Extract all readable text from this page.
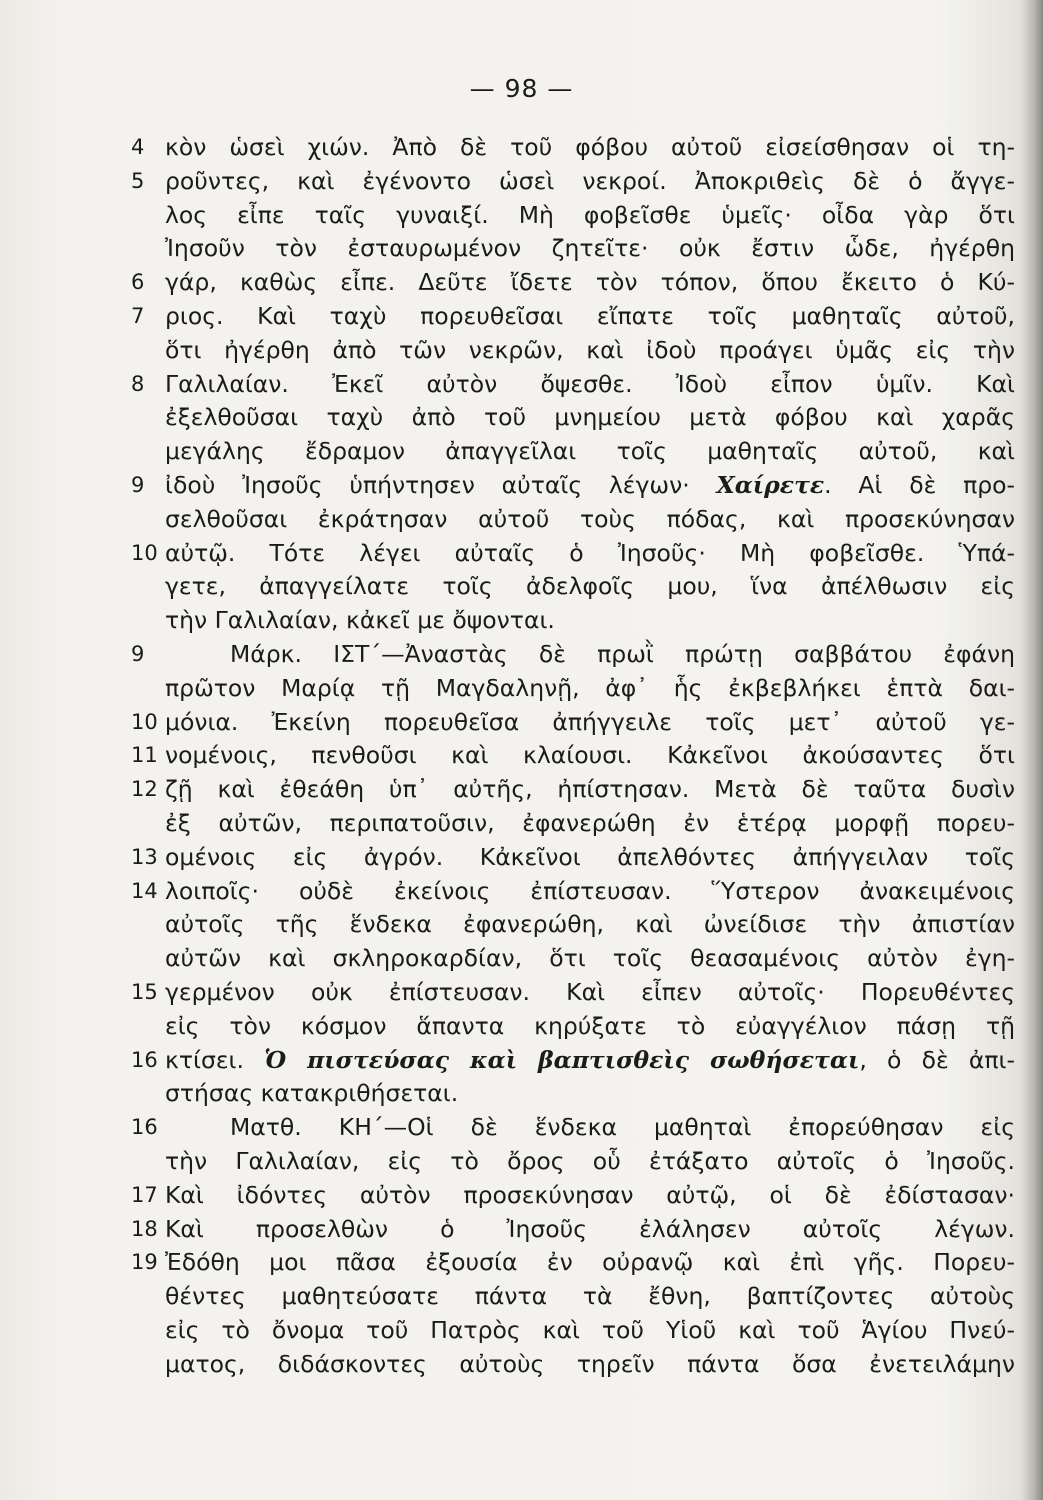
— 98 —
4 κὸν ὡσεὶ χιών. Ἀπὸ δὲ τοῦ φόβου αὐτοῦ εἰσείσθησαν οἱ τη-
5 ροῦντες, καὶ ἐγένοντο ὡσεὶ νεκροί. Ἀποκριθεὶς δὲ ὁ ἄγγε-
λος εἶπε ταῖς γυναιξί. Μὴ φοβεῖσθε ὑμεῖς· οἶδα γὰρ ὅτι
Ἰησοῦν τὸν ἐσταυρωμένον ζητεῖτε· οὐκ ἔστιν ὧδε, ἠγέρθη
6 γάρ, καθὼς εἶπε. Δεῦτε ἴδετε τὸν τόπον, ὅπου ἔκειτο ὁ Κύ-
7 ριος. Καὶ ταχὺ πορευθεῖσαι εἴπατε τοῖς μαθηταῖς αὐτοῦ,
ὅτι ἠγέρθη ἀπὸ τῶν νεκρῶν, καὶ ἰδοὺ προάγει ὑμᾶς εἰς τὴν
8 Γαλιλαίαν. Ἐκεῖ αὐτὸν ὄψεσθε. Ἰδοὺ εἶπον ὑμῖν. Καὶ
ἐξελθοῦσαι ταχὺ ἀπὸ τοῦ μνημείου μετὰ φόβου καὶ χαρᾶς
μεγάλης ἔδραμον ἀπαγγεῖλαι τοῖς μαθηταῖς αὐτοῦ, καὶ
9 ἰδοὺ Ἰησοῦς ὑπήντησεν αὐταῖς λέγων· Χαίρετε. Αἱ δὲ προ-
σελθοῦσαι ἐκράτησαν αὐτοῦ τοὺς πόδας, καὶ προσεκύνησαν
10 αὐτῷ. Τότε λέγει αὐταῖς ὁ Ἰησοῦς· Μὴ φοβεῖσθε. Ὑπά-
γετε, ἀπαγγείλατε τοῖς ἀδελφοῖς μου, ἵνα ἀπέλθωσιν εἰς
τὴν Γαλιλαίαν, κἀκεῖ με ὄψονται.
9	Μάρκ. ΙΣΤ΄—Ἀναστὰς δὲ πρωῒ πρώτῃ σαββάτου ἐφάνη
πρῶτον Μαρίᾳ τῇ Μαγδαληνῇ, ἀφ᾽ ἧς ἐκβεβλήκει ἑπτὰ δαι-
10 μόνια. Ἐκείνη πορευθεῖσα ἀπήγγειλε τοῖς μετ᾽ αὐτοῦ γε-
11 νομένοις, πενθοῦσι καὶ κλαίουσι. Κἀκεῖνοι ἀκούσαντες ὅτι
12 ζῇ καὶ ἐθεάθη ὑπ᾽ αὐτῆς, ἠπίστησαν. Μετὰ δὲ ταῦτα δυσὶν
ἐξ αὐτῶν, περιπατοῦσιν, ἐφανερώθη ἐν ἑτέρᾳ μορφῇ πορευ-
13 ομένοις εἰς ἀγρόν. Κἀκεῖνοι ἀπελθόντες ἀπήγγειλαν τοῖς
14 λοιποῖς· οὐδὲ ἐκείνοις ἐπίστευσαν. Ὕστερον ἀνακειμένοις
αὐτοῖς τῆς ἕνδεκα ἐφανερώθη, καὶ ὠνείδισε τὴν ἀπιστίαν
αὐτῶν καὶ σκληροκαρδίαν, ὅτι τοῖς θεασαμένοις αὐτὸν ἐγη-
15 γερμένον οὐκ ἐπίστευσαν. Καὶ εἶπεν αὐτοῖς· Πορευθέντες
εἰς τὸν κόσμον ἅπαντα κηρύξατε τὸ εὐαγγέλιον πάσῃ τῇ
16 κτίσει. Ὁ πιστεύσας καὶ βαπτισθεὶς σωθήσεται, ὁ δὲ ἀπι-
στήσας κατακριθήσεται.
16	Ματθ. ΚΗ΄—Οἱ δὲ ἕνδεκα μαθηταὶ ἐπορεύθησαν εἰς
τὴν Γαλιλαίαν, εἰς τὸ ὄρος οὗ ἐτάξατο αὐτοῖς ὁ Ἰησοῦς.
17 Καὶ ἰδόντες αὐτὸν προσεκύνησαν αὐτῷ, οἱ δὲ ἐδίστασαν·
18 Καὶ προσελθὼν ὁ Ἰησοῦς ἐλάλησεν αὐτοῖς λέγων.
19 Ἐδόθη μοι πᾶσα ἐξουσία ἐν οὐρανῷ καὶ ἐπὶ γῆς. Πορευ-
θέντες μαθητεύσατε πάντα τὰ ἔθνη, βαπτίζοντες αὐτοὺς
εἰς τὸ ὄνομα τοῦ Πατρὸς καὶ τοῦ Υἱοῦ καὶ τοῦ Ἁγίου Πνεύ-
ματος, διδάσκοντες αὐτοὺς τηρεῖν πάντα ὅσα ἐνετειλάμην
